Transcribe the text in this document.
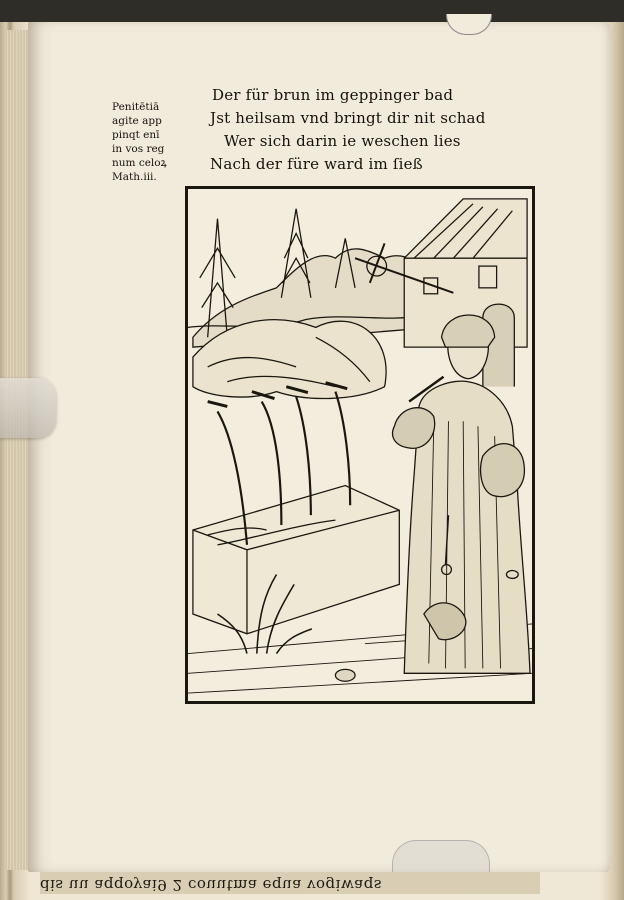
Penitētiā
agite app
pinqt enī
in vos reg
num celoꝝ
Math.iii.
Der für brun im geppinger bad
Jst heilsam vnd bringt dir nit schad
Wer sich darin ie weschen lies
Nach der füre ward im ſieß
dis uu aqqoyai9 2 couutma equa vogiwaqs
